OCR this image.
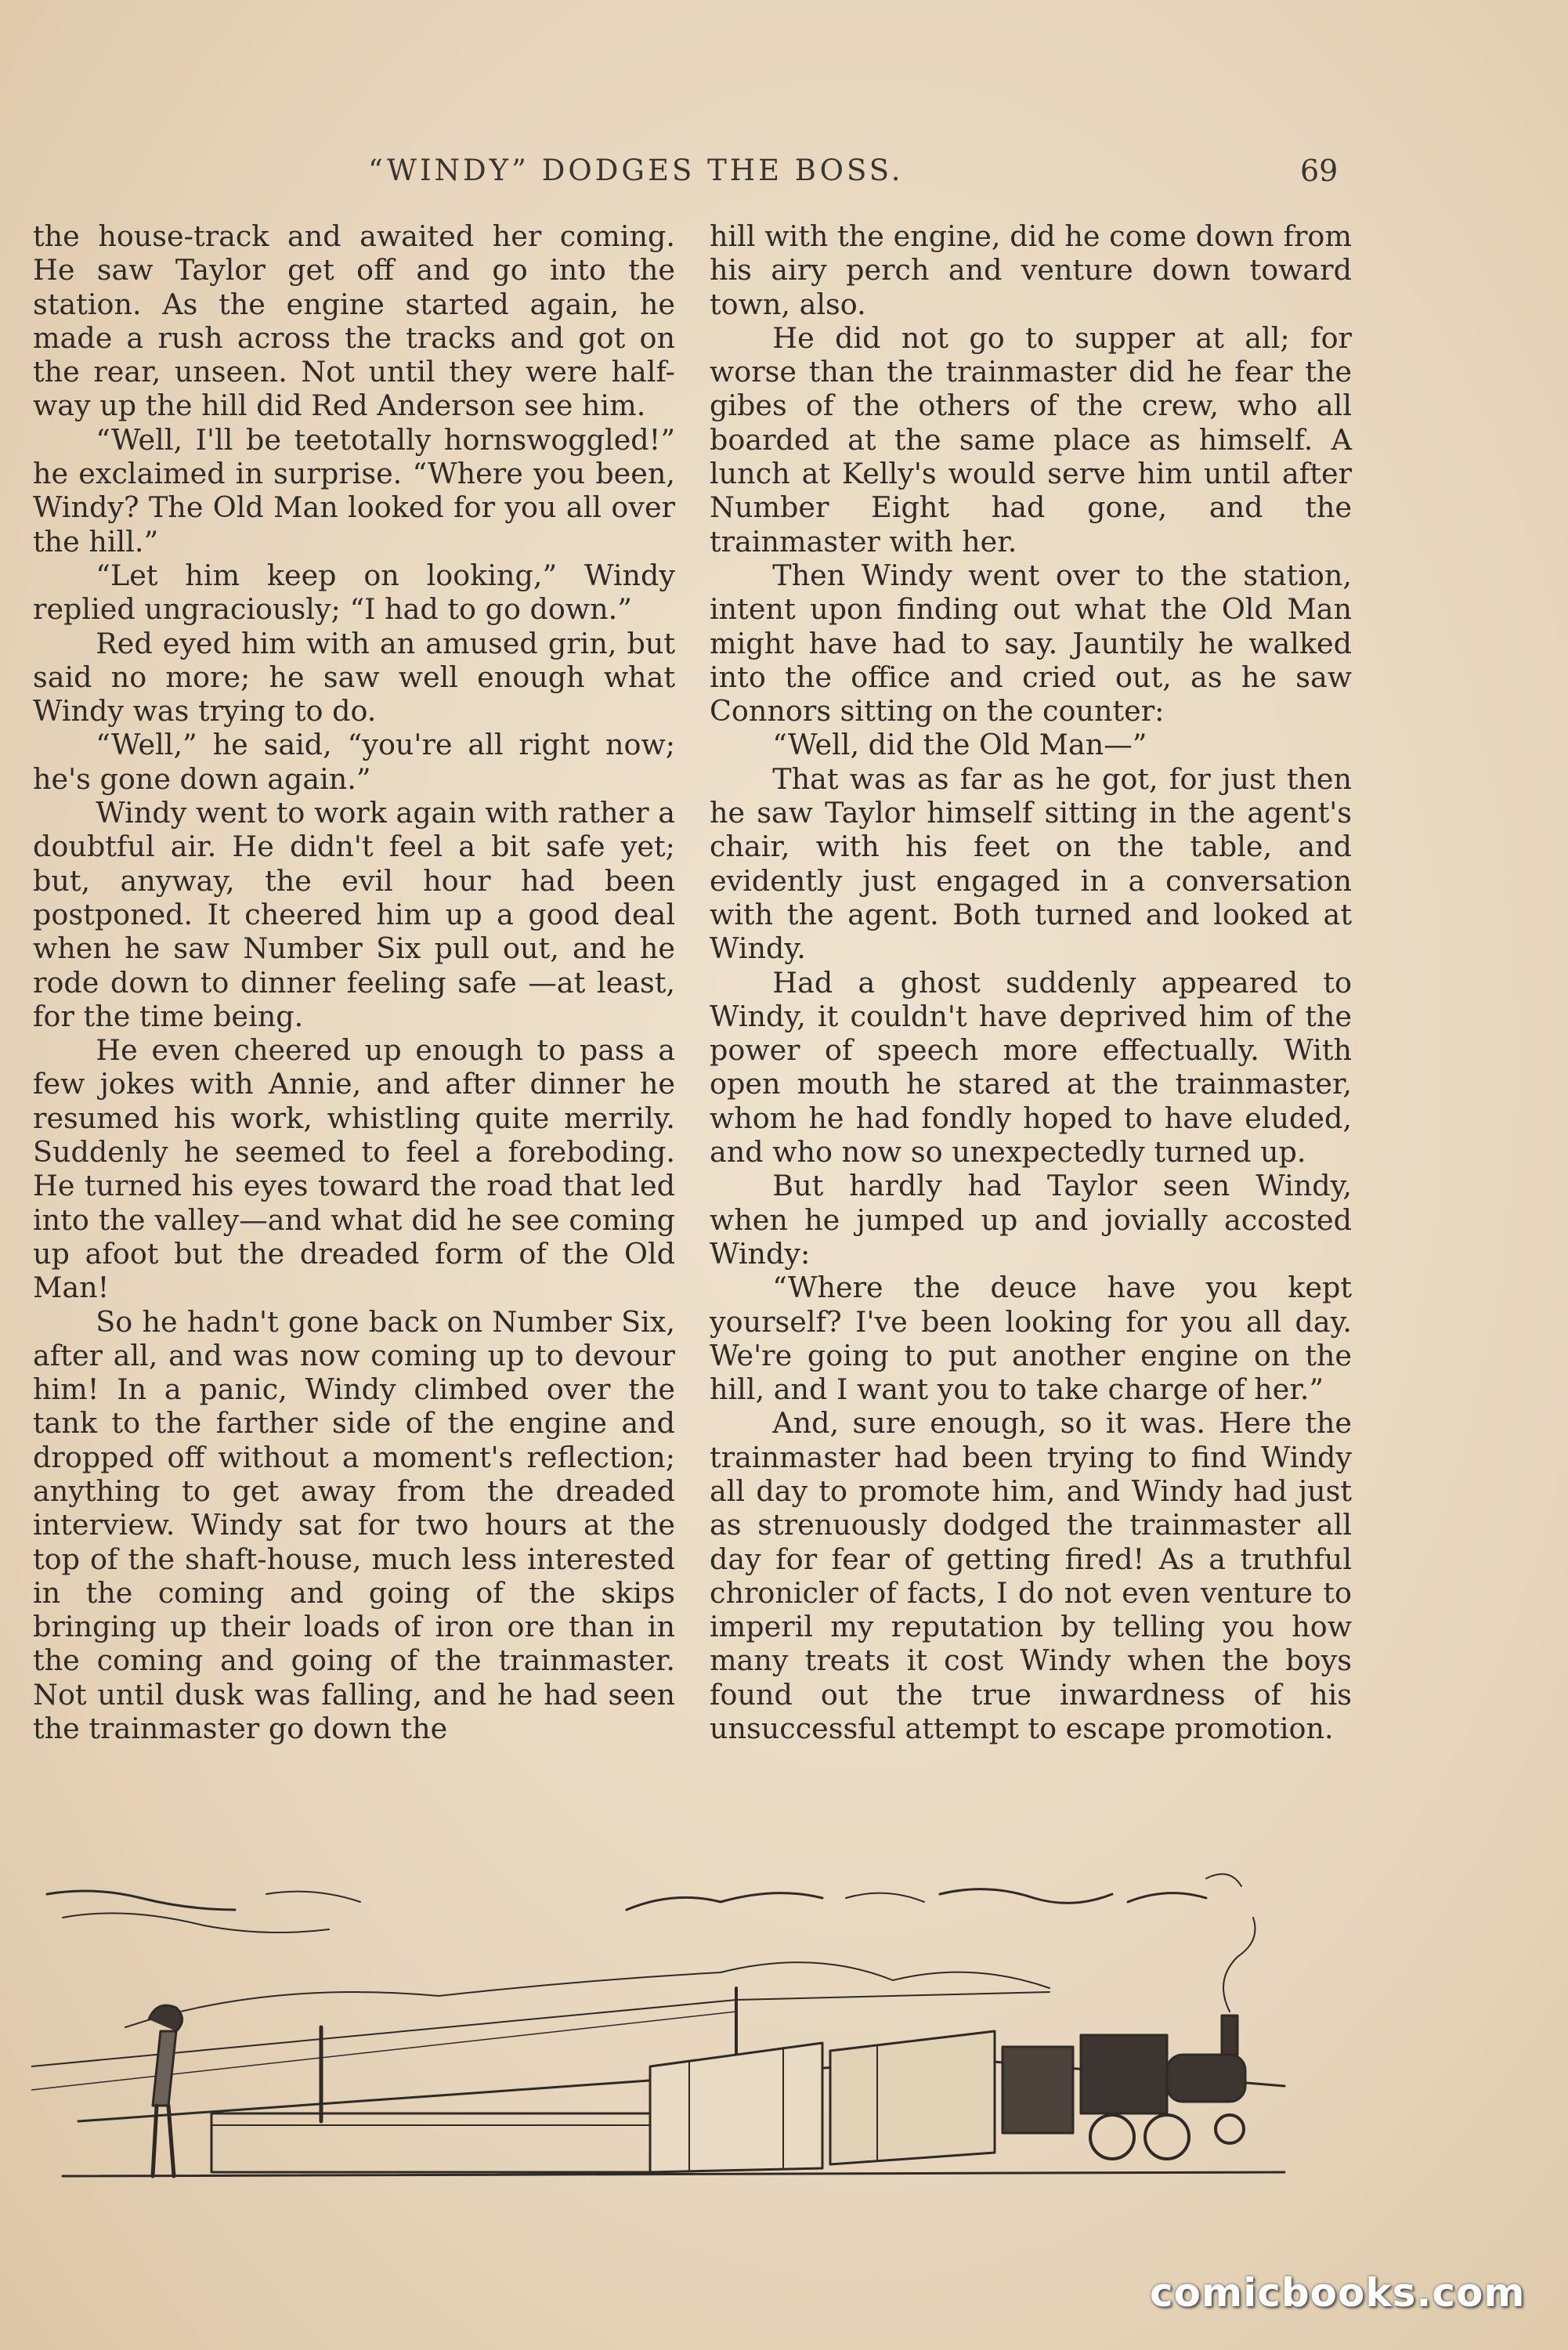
“WINDY” DODGES THE BOSS.	69

the house-track and awaited her coming. He saw Taylor get off and go into the station. As the engine started again, he made a rush across the tracks and got on the rear, unseen. Not until they were half-way up the hill did Red Anderson see him.

“Well, I'll be teetotally hornswoggled!” he exclaimed in surprise. “Where you been, Windy? The Old Man looked for you all over the hill.”

“Let him keep on looking,” Windy replied ungraciously; “I had to go down.”

Red eyed him with an amused grin, but said no more; he saw well enough what Windy was trying to do.

“Well,” he said, “you're all right now; he's gone down again.”

Windy went to work again with rather a doubtful air. He didn't feel a bit safe yet; but, anyway, the evil hour had been postponed. It cheered him up a good deal when he saw Number Six pull out, and he rode down to dinner feeling safe —at least, for the time being.

He even cheered up enough to pass a few jokes with Annie, and after dinner he resumed his work, whistling quite merrily. Suddenly he seemed to feel a foreboding. He turned his eyes toward the road that led into the valley—and what did he see coming up afoot but the dreaded form of the Old Man!

So he hadn't gone back on Number Six, after all, and was now coming up to devour him! In a panic, Windy climbed over the tank to the farther side of the engine and dropped off without a moment's reflection; anything to get away from the dreaded interview. Windy sat for two hours at the top of the shaft-house, much less interested in the coming and going of the skips bringing up their loads of iron ore than in the coming and going of the trainmaster. Not until dusk was falling, and he had seen the trainmaster go down the

hill with the engine, did he come down from his airy perch and venture down toward town, also.

He did not go to supper at all; for worse than the trainmaster did he fear the gibes of the others of the crew, who all boarded at the same place as himself. A lunch at Kelly's would serve him until after Number Eight had gone, and the trainmaster with her.

Then Windy went over to the station, intent upon finding out what the Old Man might have had to say. Jauntily he walked into the office and cried out, as he saw Connors sitting on the counter:

“Well, did the Old Man—”

That was as far as he got, for just then he saw Taylor himself sitting in the agent's chair, with his feet on the table, and evidently just engaged in a conversation with the agent. Both turned and looked at Windy.

Had a ghost suddenly appeared to Windy, it couldn't have deprived him of the power of speech more effectually. With open mouth he stared at the trainmaster, whom he had fondly hoped to have eluded, and who now so unexpectedly turned up.

But hardly had Taylor seen Windy, when he jumped up and jovially accosted Windy:

“Where the deuce have you kept yourself? I've been looking for you all day. We're going to put another engine on the hill, and I want you to take charge of her.”

And, sure enough, so it was. Here the trainmaster had been trying to find Windy all day to promote him, and Windy had just as strenuously dodged the trainmaster all day for fear of getting fired! As a truthful chronicler of facts, I do not even venture to imperil my reputation by telling you how many treats it cost Windy when the boys found out the true inwardness of his unsuccessful attempt to escape promotion.

comicbooks.com
